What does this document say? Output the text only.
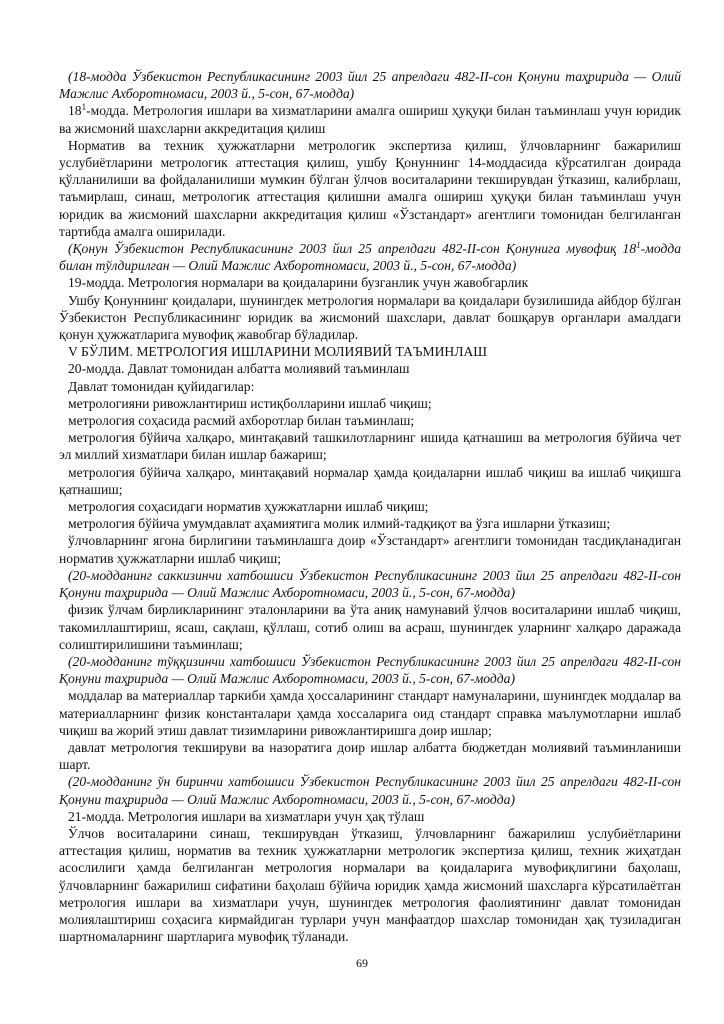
(18-модда Ўзбекистон Республикасининг 2003 йил 25 апрелдаги 482-II-сон Қонуни таҳририда — Олий Мажлис Ахборотномаси, 2003 й., 5-сон, 67-модда)

$18^1$-модда. Метрология ишлари ва хизматларини амалга ошириш ҳуқуқи билан таъминлаш учун юридик ва жисмоний шахсларни аккредитация қилиш

Норматив ва техник ҳужжатларни метрологик экспертиза қилиш, ўлчовларнинг бажарилиш услубиётларини метрологик аттестация қилиш, ушбу Қонуннинг 14-моддасида кўрсатилган доирада қўлланилиши ва фойдаланилиши мумкин бўлган ўлчов воситаларини текширувдан ўтказиш, калибрлаш, таъмирлаш, синаш, метрологик аттестация қилишни амалга ошириш ҳуқуқи билан таъминлаш учун юридик ва жисмоний шахсларни аккредитация қилиш «Ўзстандарт» агентлиги томонидан белгиланган тартибда амалга оширилади.

(Қонун Ўзбекистон Республикасининг 2003 йил 25 апрелдаги 482-II-сон Қонунига мувофиқ $18^1$-модда билан тўлдирилган — Олий Мажлис Ахборотномаси, 2003 й., 5-сон, 67-модда)

19-модда. Метрология нормалари ва қоидаларини бузганлик учун жавобгарлик

Ушбу Қонуннинг қоидалари, шунингдек метрология нормалари ва қоидалари бузилишида айбдор бўлган Ўзбекистон Республикасининг юридик ва жисмоний шахслари, давлат бошқарув органлари амалдаги қонун ҳужжатларига мувофиқ жавобгар бўладилар.

V БЎЛИМ. МЕТРОЛОГИЯ ИШЛАРИНИ МОЛИЯВИЙ ТАЪМИНЛАШ

20-модда. Давлат томонидан албатта молиявий таъминлаш

Давлат томонидан қуйидагилар:

метрологияни ривожлантириш истиқболларини ишлаб чиқиш;

метрология соҳасида расмий ахборотлар билан таъминлаш;

метрология бўйича халқаро, минтақавий ташкилотларнинг ишида қатнашиш ва метрология бўйича чет эл миллий хизматлари билан ишлар бажариш;

метрология бўйича халқаро, минтақавий нормалар ҳамда қоидаларни ишлаб чиқиш ва ишлаб чиқишга қатнашиш;

метрология соҳасидаги норматив ҳужжатларни ишлаб чиқиш;

метрология бўйича умумдавлат аҳамиятига молик илмий-тадқиқот ва ўзга ишларни ўтказиш;

ўлчовларнинг ягона бирлигини таъминлашга доир «Ўзстандарт» агентлиги томонидан тасдиқланадиган норматив ҳужжатларни ишлаб чиқиш;

(20-модданинг саккизинчи хатбошиси Ўзбекистон Республикасининг 2003 йил 25 апрелдаги 482-II-сон Қонуни таҳририда — Олий Мажлис Ахборотномаси, 2003 й., 5-сон, 67-модда)

физик ўлчам бирликларининг эталонларини ва ўта аниқ намунавий ўлчов воситаларини ишлаб чиқиш, такомиллаштириш, ясаш, сақлаш, қўллаш, сотиб олиш ва асраш, шунингдек уларнинг халқаро даражада солиштирилишини таъминлаш;

(20-модданинг тўққизинчи хатбошиси Ўзбекистон Республикасининг 2003 йил 25 апрелдаги 482-II-сон Қонуни таҳририда — Олий Мажлис Ахборотномаси, 2003 й., 5-сон, 67-модда)

моддалар ва материаллар таркиби ҳамда ҳоссаларининг стандарт намуналарини, шунингдек моддалар ва материалларнинг физик константалари ҳамда хоссаларига оид стандарт справка маълумотларни ишлаб чиқиш ва жорий этиш давлат тизимларини ривожлантиришга доир ишлар;

давлат метрология текшируви ва назоратига доир ишлар албатта бюджетдан молиявий таъминланиши шарт.

(20-модданинг ўн биринчи хатбошиси Ўзбекистон Республикасининг 2003 йил 25 апрелдаги 482-II-сон Қонуни таҳририда — Олий Мажлис Ахборотномаси, 2003 й., 5-сон, 67-модда)

21-модда. Метрология ишлари ва хизматлари учун ҳақ тўлаш

Ўлчов воситаларини синаш, текширувдан ўтказиш, ўлчовларнинг бажарилиш услубиётларини аттестация қилиш, норматив ва техник ҳужжатларни метрологик экспертиза қилиш, техник жиҳатдан асослилиги ҳамда белгиланган метрология нормалари ва қоидаларига мувофиқлигини баҳолаш, ўлчовларнинг бажарилиш сифатини баҳолаш бўйича юридик ҳамда жисмоний шахсларга кўрсатилаётган метрология ишлари ва хизматлари учун, шунингдек метрология фаолиятининг давлат томонидан молиялаштириш соҳасига кирмайдиган турлари учун манфаатдор шахслар томонидан ҳақ тузиладиган шартномаларнинг шартларига мувофиқ тўланади.

69
